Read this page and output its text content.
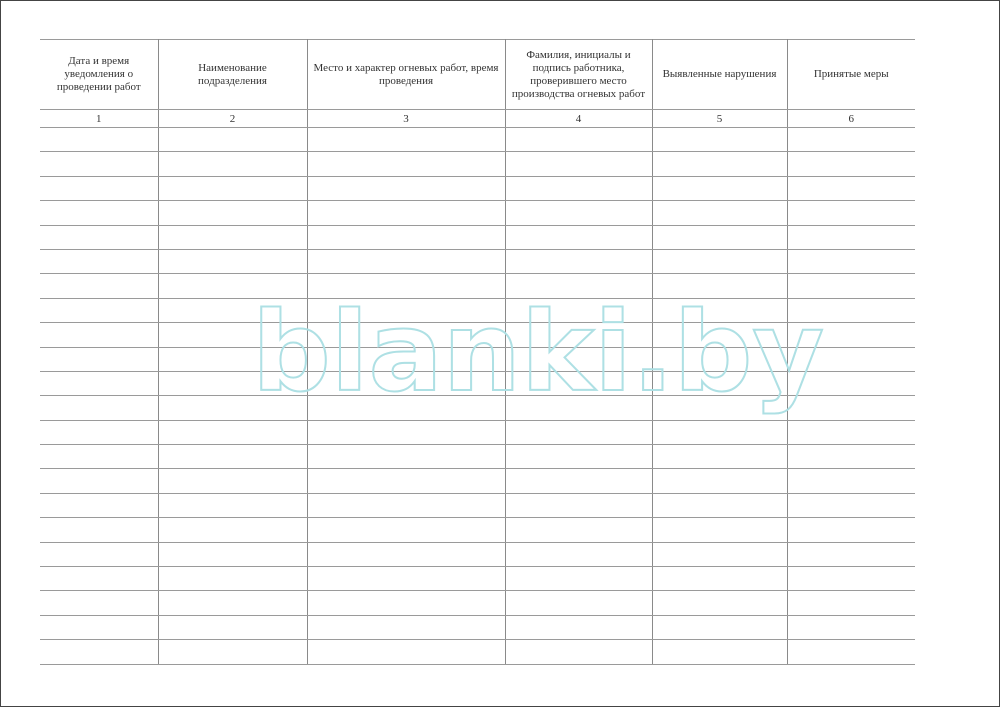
Дата и время уведомления о проведении работ	Наименование подразделения	Место и характер огневых работ, время проведения	Фамилия, инициалы и подпись работника, проверившего место производства огневых работ	Выявленные нарушения	Принятые меры
1	2	3	4	5	6

blanki.by
